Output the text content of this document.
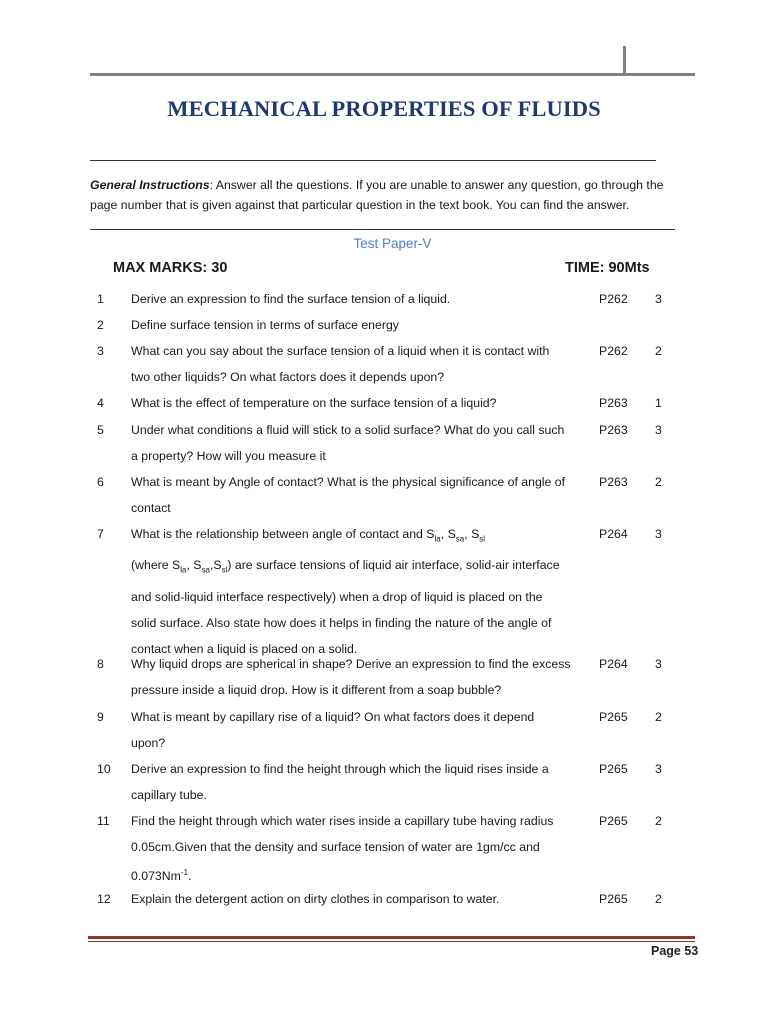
MECHANICAL PROPERTIES OF FLUIDS
General Instructions: Answer all the questions. If you are unable to answer any question, go through the page number that is given against that particular question in the text book. You can find the answer.
Test Paper-V
MAX MARKS: 30	TIME: 90Mts
1 Derive an expression to find the surface tension of a liquid.	P262 3
2 Define surface tension in terms of surface energy
3 What can you say about the surface tension of a liquid when it is contact with
two other liquids? On what factors does it depends upon?
P262 2
4 What is the effect of temperature on the surface tension of a liquid?	P263 1
5 Under what conditions a fluid will stick to a solid surface? What do you call such
a property? How will you measure it
P263 3
6 What is meant by Angle of contact? What is the physical significance of angle of
contact
P263 2
7 What is the relationship between angle of contact and $S_{la}$, $S_{sa}$, $S_{sl}$
(where $S_{la}$, $S_{sa},S_{sl}$) are surface tensions of liquid air interface, solid-air interface
and solid-liquid interface respectively) when a drop of liquid is placed on the
solid surface. Also state how does it helps in finding the nature of the angle of
contact when a liquid is placed on a solid.
P264 3
8 Why liquid drops are spherical in shape? Derive an expression to find the excess
pressure inside a liquid drop. How is it different from a soap bubble?
P264 3
9 What is meant by capillary rise of a liquid? On what factors does it depend
upon?
P265 2
10 Derive an expression to find the height through which the liquid rises inside a
capillary tube.
P265 3
11 Find the height through which water rises inside a capillary tube having radius
0.05cm.Given that the density and surface tension of water are 1gm/cc and
$0.073Nm^{-1}$.
P265 2
12 Explain the detergent action on dirty clothes in comparison to water.	P265 2
Page 53
